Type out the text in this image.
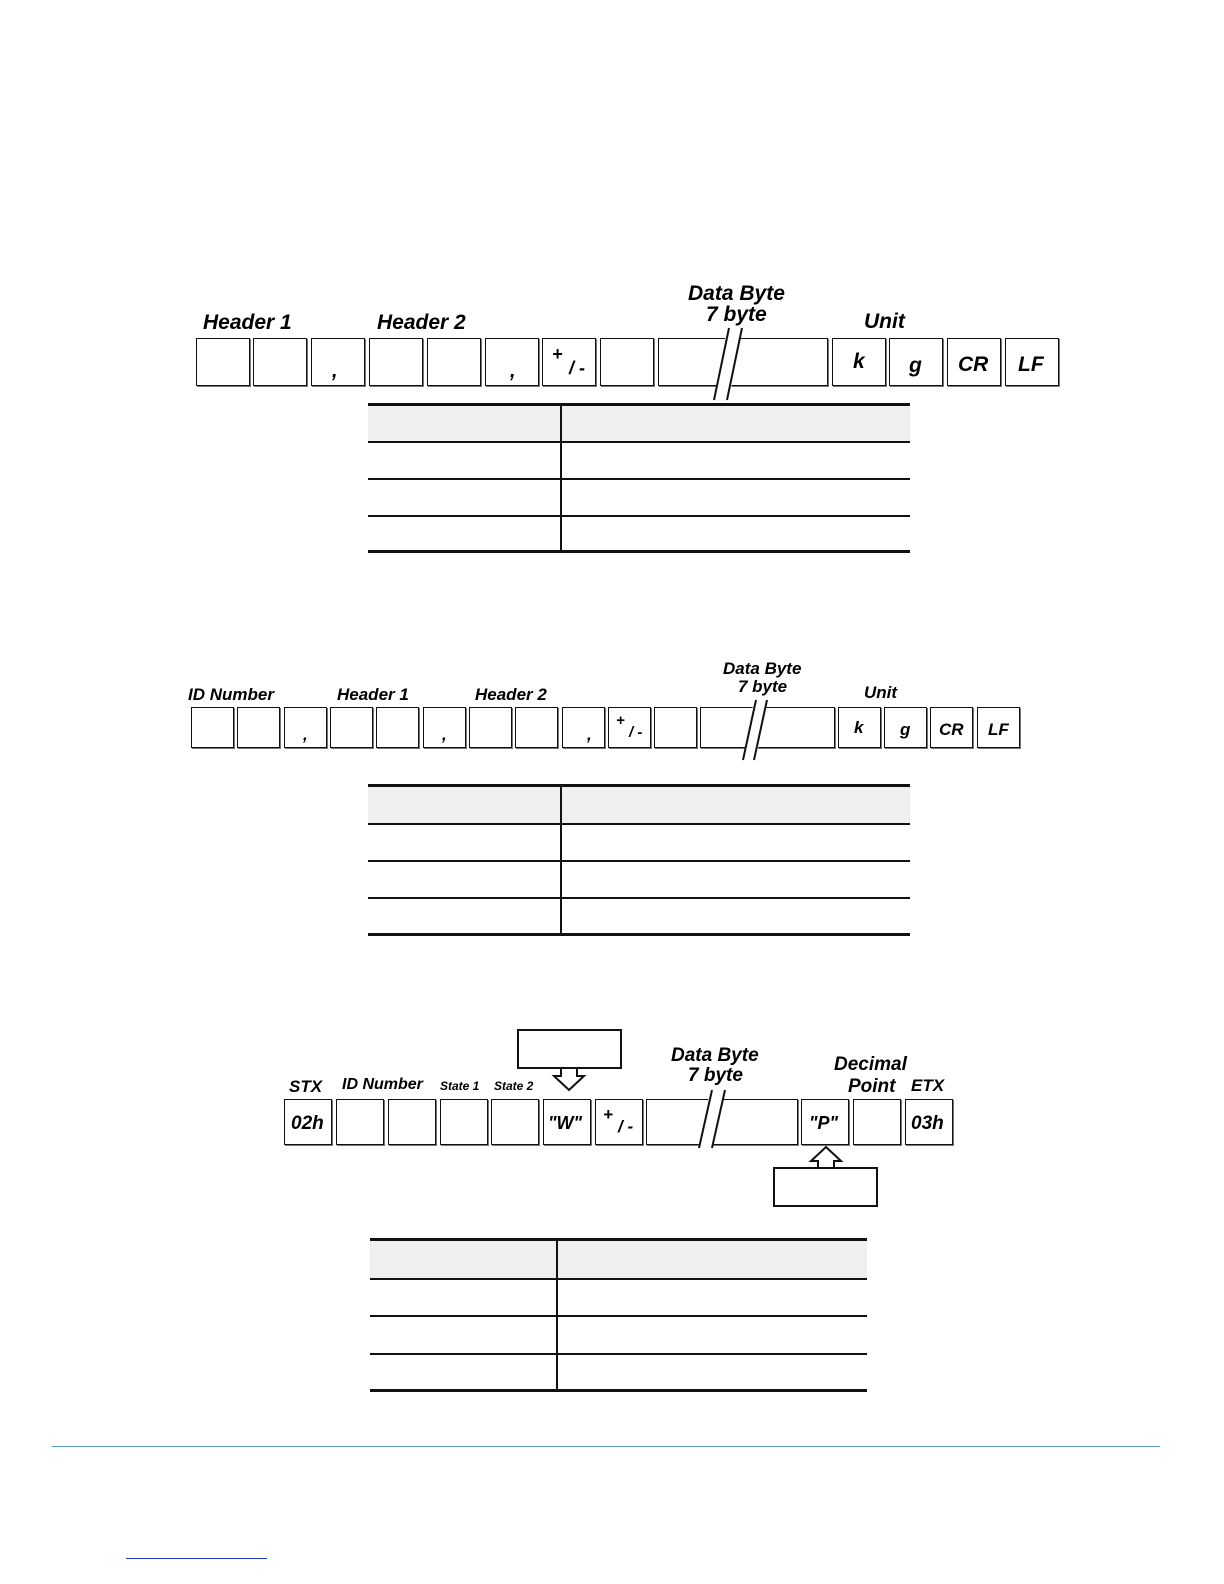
Header 1	Header 2
Data Byte
7 byte	Unit
,	,
+
/ -	k g CR LF

ID Number	Header 1	Header 2
Data Byte
7 byte	Unit
,	,	,
+
/ -	k g CR LF

STX ID Number State 1 State 2
Data Byte
7 byte
Decimal
Point ETX
02h	"W" +
/ -	"P"	03h
